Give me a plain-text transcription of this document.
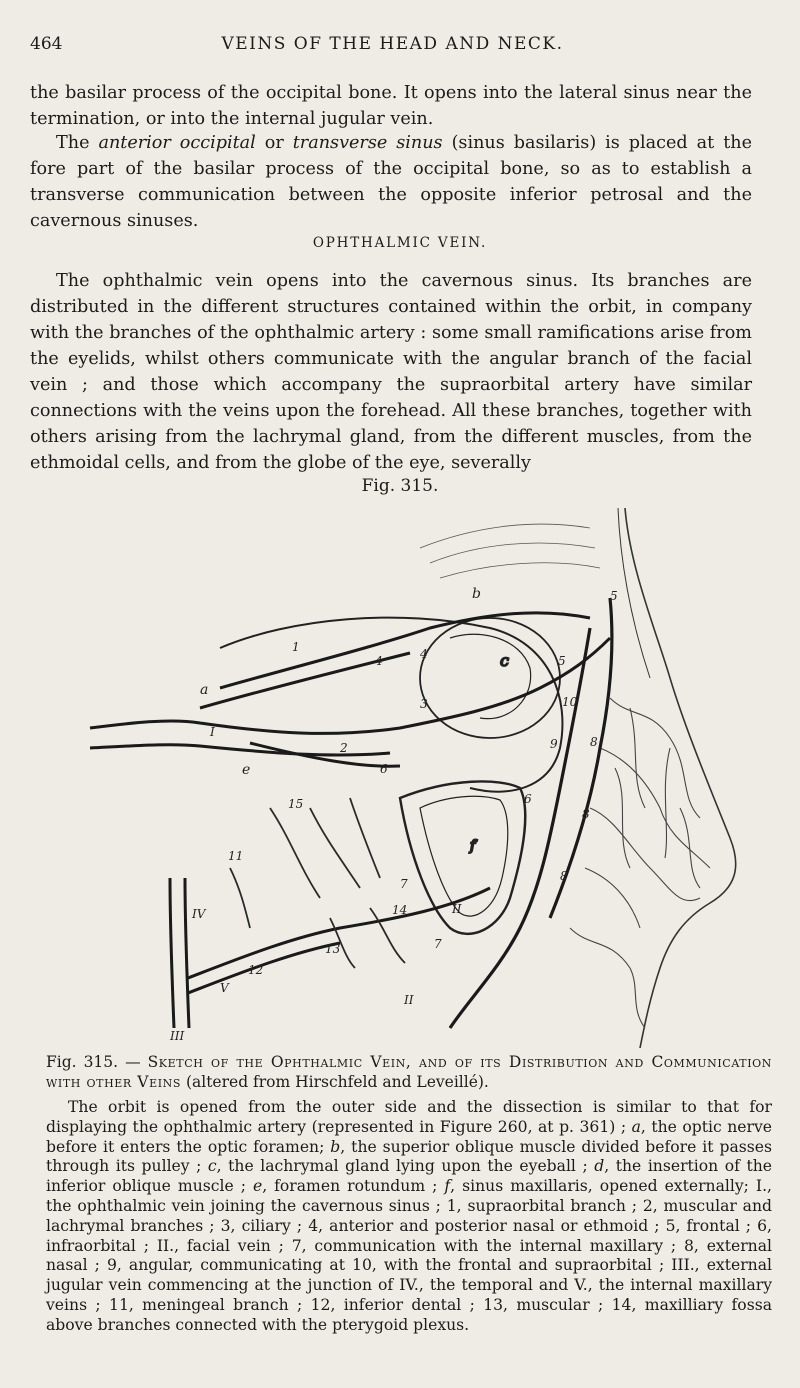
464	VEINS OF THE HEAD AND NECK.

the basilar process of the occipital bone. It opens into the lateral sinus near the termination, or into the internal jugular vein.

The anterior occipital or transverse sinus (sinus basilaris) is placed at the fore part of the basilar process of the occipital bone, so as to establish a transverse communication between the opposite inferior petrosal and the cavernous sinuses.

OPHTHALMIC VEIN.

The ophthalmic vein opens into the cavernous sinus. Its branches are distributed in the different structures contained within the orbit, in company with the branches of the ophthalmic artery : some small ramifications arise from the eyelids, whilst others communicate with the angular branch of the facial vein ; and those which accompany the supraorbital artery have similar connections with the veins upon the forehead. All these branches, together with others arising from the lachrymal gland, from the different muscles, from the ethmoidal cells, and from the globe of the eye, severally

Fig. 315.
f
c
a
b
e
1
I
2
3
4	4	5
5
6
6
7
7
8
8
8
9
10
11
12
13
14
15
II
II
III
IV
V

Fig. 315. — Sketch of the Ophthalmic Vein, and of its Distribution and Communication with other Veins (altered from Hirschfeld and Leveillé).

The orbit is opened from the outer side and the dissection is similar to that for displaying the ophthalmic artery (represented in Figure 260, at p. 361) ; a, the optic nerve before it enters the optic foramen; b, the superior oblique muscle divided before it passes through its pulley ; c, the lachrymal gland lying upon the eyeball ; d, the insertion of the inferior oblique muscle ; e, foramen rotundum ; f, sinus maxillaris, opened externally; I., the ophthalmic vein joining the cavernous sinus ; 1, supraorbital branch ; 2, muscular and lachrymal branches ; 3, ciliary ; 4, anterior and posterior nasal or ethmoid ; 5, frontal ; 6, infraorbital ; II., facial vein ; 7, communication with the internal maxillary ; 8, external nasal ; 9, angular, communicating at 10, with the frontal and supraorbital ; III., external jugular vein commencing at the junction of IV., the temporal and V., the internal maxillary veins ; 11, meningeal branch ; 12, inferior dental ; 13, muscular ; 14, maxilliary fossa above branches connected with the pterygoid plexus.
